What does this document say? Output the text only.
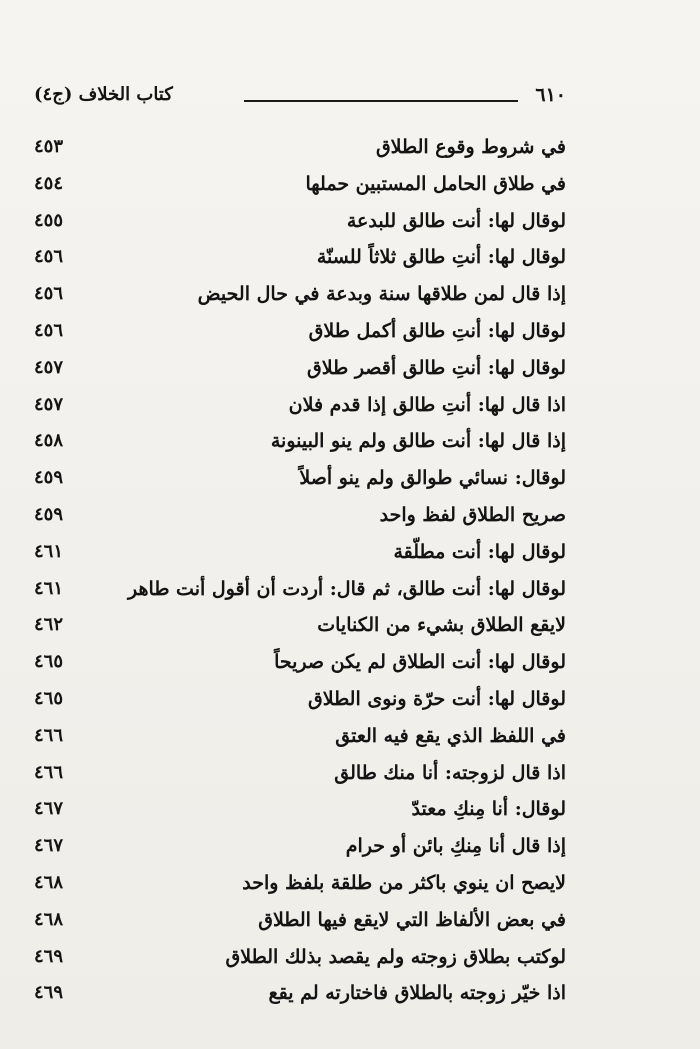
٦١٠
كتاب الخلاف (ج٤)
في شروط وقوع الطلاق
٤٥٣
في طلاق الحامل المستبين حملها
٤٥٤
لوقال لها: أنت طالق للبدعة
٤٥٥
لوقال لها: أنتِ طالق ثلاثاً للسنّة
٤٥٦
إذا قال لمن طلاقها سنة وبدعة في حال الحيض
٤٥٦
لوقال لها: أنتِ طالق أكمل طلاق
٤٥٦
لوقال لها: أنتِ طالق أقصر طلاق
٤٥٧
اذا قال لها: أنتِ طالق إذا قدم فلان
٤٥٧
إذا قال لها: أنت طالق ولم ينو البينونة
٤٥٨
لوقال: نسائي طوالق ولم ينو أصلاً
٤٥٩
صريح الطلاق لفظ واحد
٤٥٩
لوقال لها: أنت مطلّقة
٤٦١
لوقال لها: أنت طالق، ثم قال: أردت أن أقول أنت طاهر
٤٦١
لايقع الطلاق بشيء من الكنايات
٤٦٢
لوقال لها: أنت الطلاق لم يكن صريحاً
٤٦٥
لوقال لها: أنت حرّة ونوى الطلاق
٤٦٥
في اللفظ الذي يقع فيه العتق
٤٦٦
اذا قال لزوجته: أنا منك طالق
٤٦٦
لوقال: أنا مِنكِ معتدّ
٤٦٧
إذا قال أنا مِنكِ بائن أو حرام
٤٦٧
لايصح ان ينوي باكثر من طلقة بلفظ واحد
٤٦٨
في بعض الألفاظ التي لايقع فيها الطلاق
٤٦٨
لوكتب بطلاق زوجته ولم يقصد بذلك الطلاق
٤٦٩
اذا خيّر زوجته بالطلاق فاختارته لم يقع
٤٦٩
